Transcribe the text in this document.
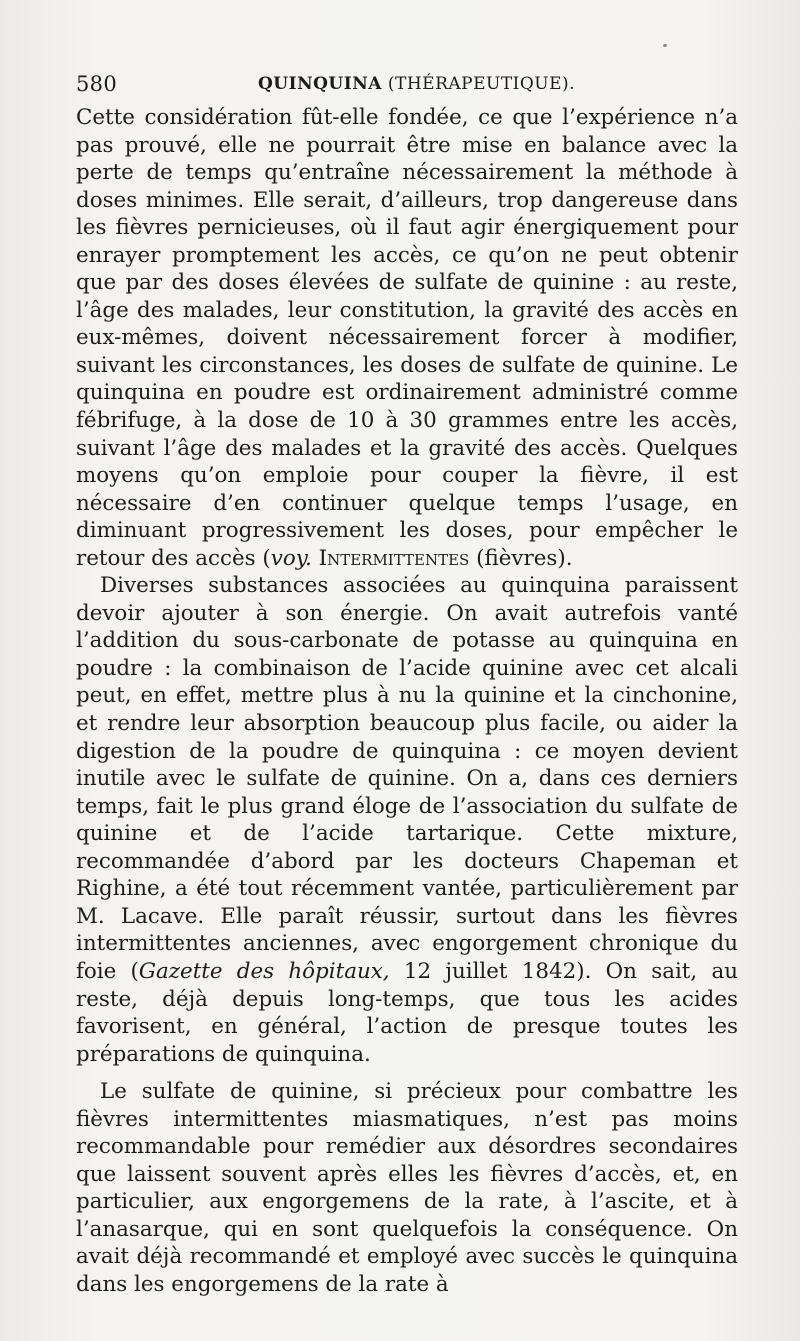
580	QUINQUINA (THÉRAPEUTIQUE).

Cette considération fût-elle fondée, ce que l’expérience n’a pas prouvé, elle ne pourrait être mise en balance avec la perte de temps qu’entraîne nécessairement la méthode à doses minimes. Elle serait, d’ailleurs, trop dangereuse dans les fièvres pernicieuses, où il faut agir énergiquement pour enrayer promptement les accès, ce qu’on ne peut obtenir que par des doses élevées de sulfate de quinine : au reste, l’âge des malades, leur constitution, la gravité des accès en eux-mêmes, doivent nécessairement forcer à modifier, suivant les circonstances, les doses de sulfate de quinine. Le quinquina en poudre est ordinairement administré comme fébrifuge, à la dose de 10 à 30 grammes entre les accès, suivant l’âge des malades et la gravité des accès. Quelques moyens qu’on emploie pour couper la fièvre, il est nécessaire d’en continuer quelque temps l’usage, en diminuant progressivement les doses, pour empêcher le retour des accès (voy. Intermittentes (fièvres).

Diverses substances associées au quinquina paraissent devoir ajouter à son énergie. On avait autrefois vanté l’addition du sous-carbonate de potasse au quinquina en poudre : la combinaison de l’acide quinine avec cet alcali peut, en effet, mettre plus à nu la quinine et la cinchonine, et rendre leur absorption beaucoup plus facile, ou aider la digestion de la poudre de quinquina : ce moyen devient inutile avec le sulfate de quinine. On a, dans ces derniers temps, fait le plus grand éloge de l’association du sulfate de quinine et de l’acide tartarique. Cette mixture, recommandée d’abord par les docteurs Chapeman et Righine, a été tout récemment vantée, particulièrement par M. Lacave. Elle paraît réussir, surtout dans les fièvres intermittentes anciennes, avec engorgement chronique du foie (Gazette des hôpitaux, 12 juillet 1842). On sait, au reste, déjà depuis long-temps, que tous les acides favorisent, en général, l’action de presque toutes les préparations de quinquina.

Le sulfate de quinine, si précieux pour combattre les fièvres intermittentes miasmatiques, n’est pas moins recommandable pour remédier aux désordres secondaires que laissent souvent après elles les fièvres d’accès, et, en particulier, aux engorgemens de la rate, à l’ascite, et à l’anasarque, qui en sont quelquefois la conséquence. On avait déjà recommandé et employé avec succès le quinquina dans les engorgemens de la rate à
